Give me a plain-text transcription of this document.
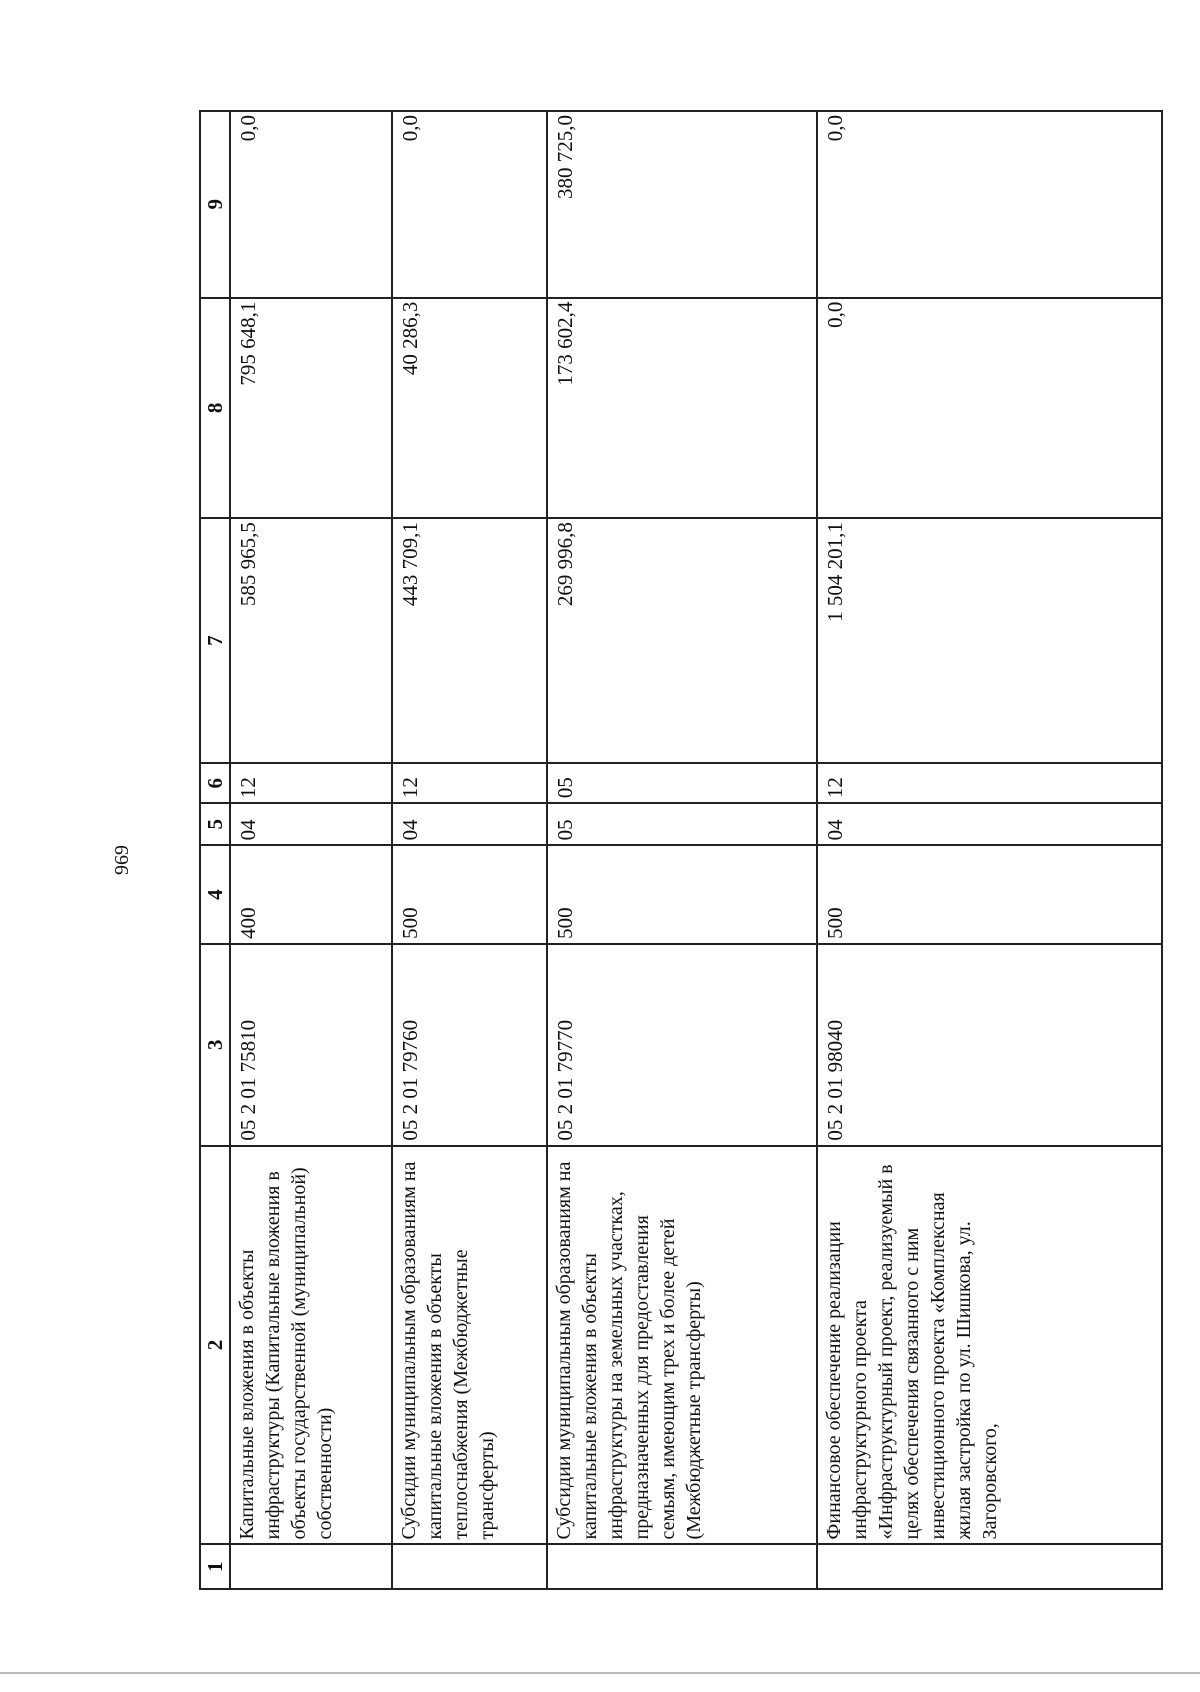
969
1	2	3	4	5	6	7	8	9
	Капитальные вложения в объекты инфраструктуры (Капитальные вложения в объекты государственной (муниципальной) собственности)	05 2 01 75810	400	04	12	585 965,5	795 648,1	0,0
	Субсидии муниципальным образованиям на капитальные вложения в объекты теплоснабжения (Межбюджетные трансферты)	05 2 01 79760	500	04	12	443 709,1	40 286,3	0,0
	Субсидии муниципальным образованиям на капитальные вложения в объекты инфраструктуры на земельных участках, предназначенных для предоставления семьям, имеющим трех и более детей (Межбюджетные трансферты)	05 2 01 79770	500	05	05	269 996,8	173 602,4	380 725,0
	Финансовое обеспечение реализации инфраструктурного проекта «Инфраструктурный проект, реализуемый в целях обеспечения связанного с ним инвестиционного проекта «Комплексная жилая застройка по ул. Шишкова, ул. Загоровского,	05 2 01 98040	500	04	12	1 504 201,1	0,0	0,0
